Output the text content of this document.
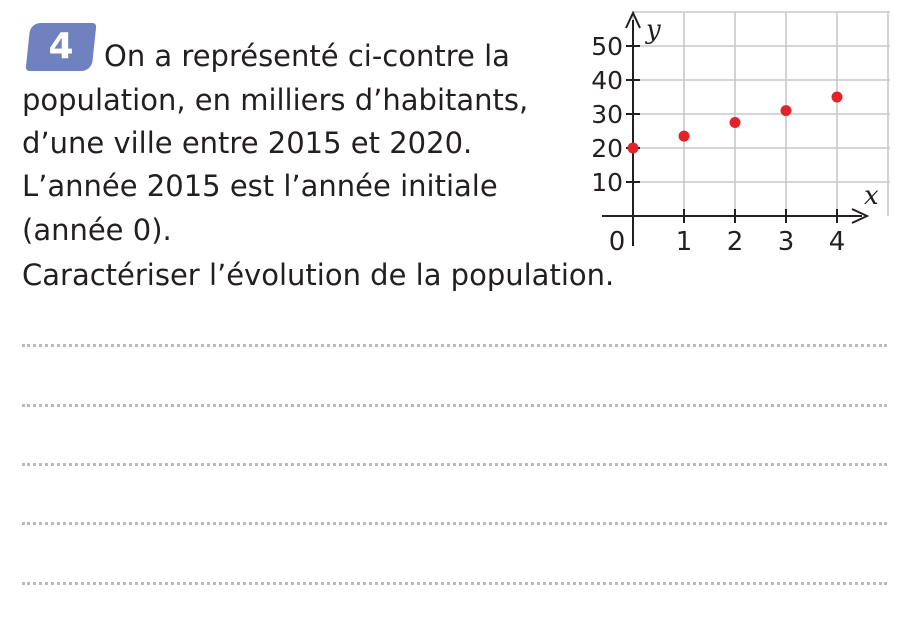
4	On a représenté ci-contre la
population, en milliers d’habitants,
d’une ville entre 2015 et 2020.
L’année 2015 est l’année initiale
(année 0).
Caractériser l’évolution de la population.
1 2 3 4
10
20
30
40
50
0
y
x
